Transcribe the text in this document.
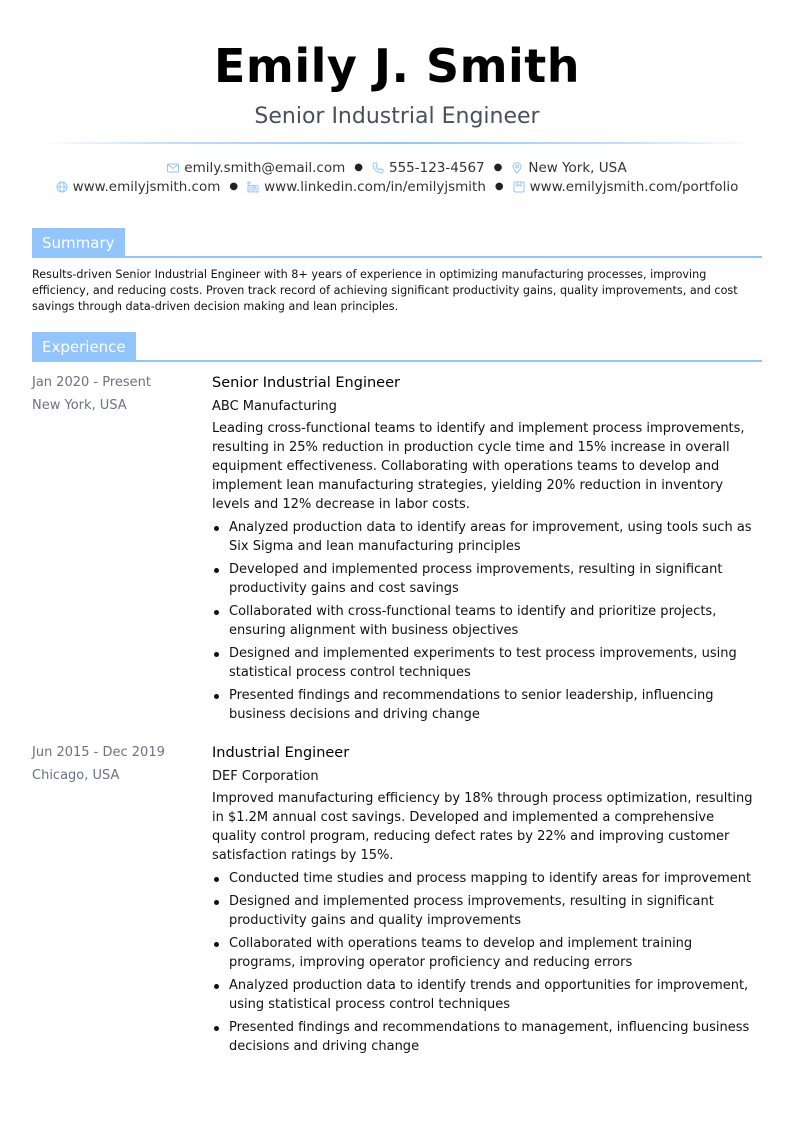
Emily J. Smith
Senior Industrial Engineer
emily.smith@email.com ● 555-123-4567 ● New York, USA
www.emilyjsmith.com ● www.linkedin.com/in/emilyjsmith ● www.emilyjsmith.com/portfolio
Summary
Results-driven Senior Industrial Engineer with 8+ years of experience in optimizing manufacturing processes, improving efficiency, and reducing costs. Proven track record of achieving significant productivity gains, quality improvements, and cost savings through data-driven decision making and lean principles.
Experience
Jan 2020 - Present
New York, USA
Senior Industrial Engineer
ABC Manufacturing
Leading cross-functional teams to identify and implement process improvements, resulting in 25% reduction in production cycle time and 15% increase in overall equipment effectiveness. Collaborating with operations teams to develop and implement lean manufacturing strategies, yielding 20% reduction in inventory levels and 12% decrease in labor costs.
Analyzed production data to identify areas for improvement, using tools such as Six Sigma and lean manufacturing principles
Developed and implemented process improvements, resulting in significant productivity gains and cost savings
Collaborated with cross-functional teams to identify and prioritize projects, ensuring alignment with business objectives
Designed and implemented experiments to test process improvements, using statistical process control techniques
Presented findings and recommendations to senior leadership, influencing business decisions and driving change
Jun 2015 - Dec 2019
Chicago, USA
Industrial Engineer
DEF Corporation
Improved manufacturing efficiency by 18% through process optimization, resulting in $1.2M annual cost savings. Developed and implemented a comprehensive quality control program, reducing defect rates by 22% and improving customer satisfaction ratings by 15%.
Conducted time studies and process mapping to identify areas for improvement
Designed and implemented process improvements, resulting in significant productivity gains and quality improvements
Collaborated with operations teams to develop and implement training programs, improving operator proficiency and reducing errors
Analyzed production data to identify trends and opportunities for improvement, using statistical process control techniques
Presented findings and recommendations to management, influencing business decisions and driving change
